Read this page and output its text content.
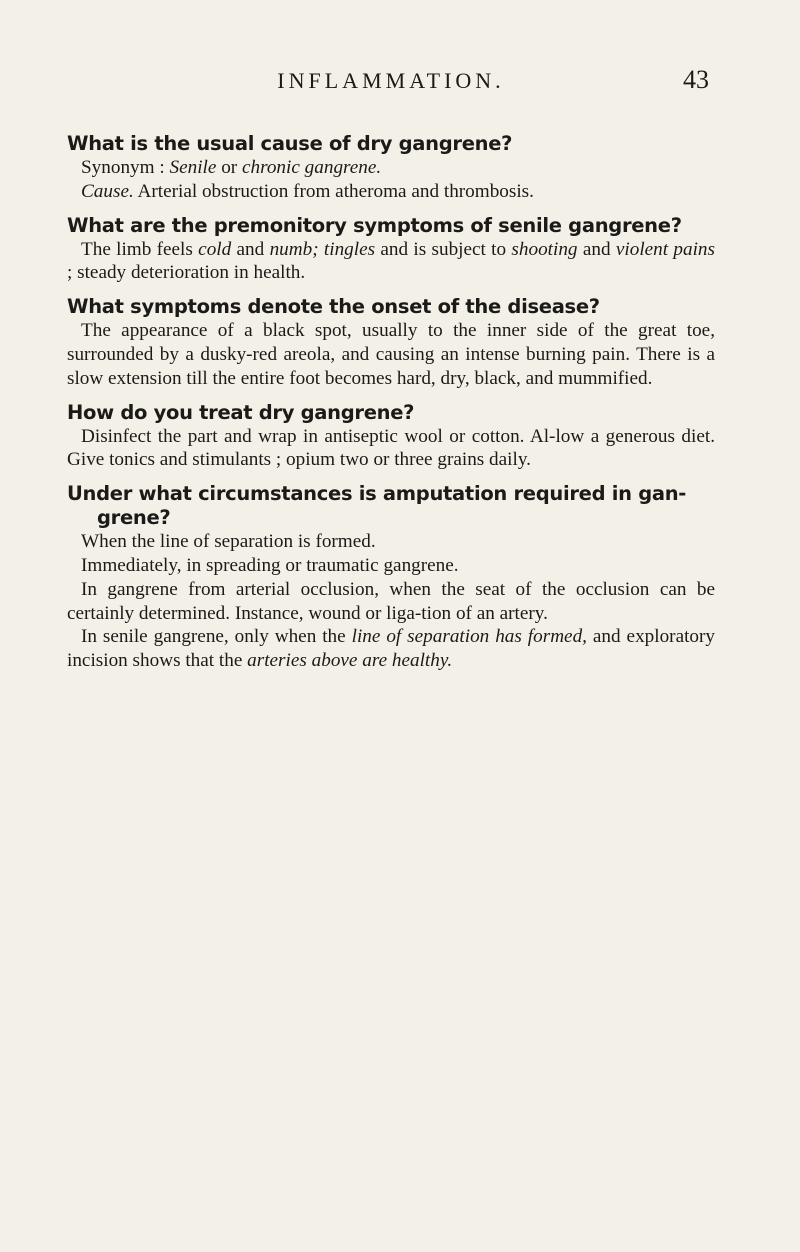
INFLAMMATION.	43

What is the usual cause of dry gangrene?

Synonym : Senile or chronic gangrene.

Cause. Arterial obstruction from atheroma and thrombosis.

What are the premonitory symptoms of senile gangrene?

The limb feels cold and numb; tingles and is subject to shooting and violent pains ; steady deterioration in health.

What symptoms denote the onset of the disease?

The appearance of a black spot, usually to the inner side of the great toe, surrounded by a dusky-red areola, and causing an intense burning pain. There is a slow extension till the entire foot becomes hard, dry, black, and mummified.

How do you treat dry gangrene?

Disinfect the part and wrap in antiseptic wool or cotton. Al-low a generous diet. Give tonics and stimulants ; opium two or three grains daily.

Under what circumstances is amputation required in gan-grene?

When the line of separation is formed.

Immediately, in spreading or traumatic gangrene.

In gangrene from arterial occlusion, when the seat of the occlusion can be certainly determined. Instance, wound or liga-tion of an artery.

In senile gangrene, only when the line of separation has formed, and exploratory incision shows that the arteries above are healthy.
